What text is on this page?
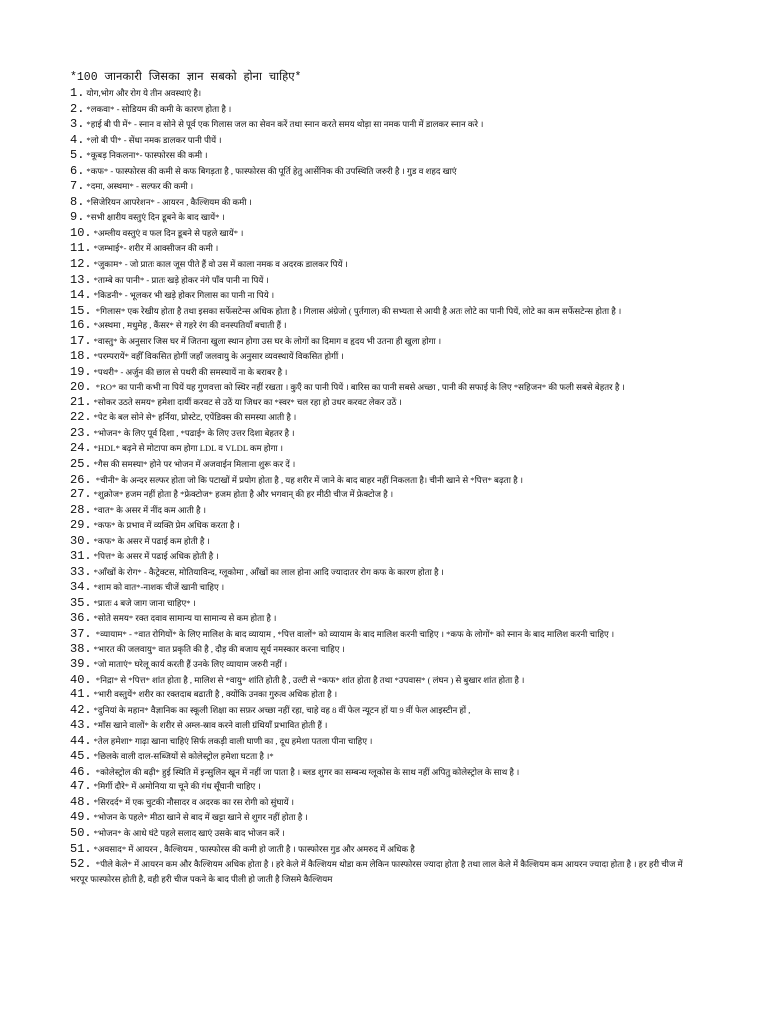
*100 जानकारी जिसका ज्ञान सबको होना चाहिए*
1. योग,भोग और रोग ये तीन अवस्थाएं है।
2. *लकवा* - सोडियम की कमी के कारण होता है ।
3. *हाई बी पी में* - स्नान व सोने से पूर्व एक गिलास जल का सेवन करें तथा स्नान करते समय थोड़ा सा नमक पानी में डालकर स्नान करे ।
4. *लो बी पी* - सेंधा नमक डालकर पानी पीयें ।
5. *कूबड़ निकलना*- फास्फोरस की कमी ।
6. *कफ* - फास्फोरस की कमी से कफ बिगड़ता है , फास्फोरस की पूर्ति हेतु आर्सेनिक की उपस्थिति जरुरी है । गुड व शहद खाएं
7. *दमा, अस्थमा* - सल्फर की कमी ।
8. *सिजेरियन आपरेशन* - आयरन , कैल्शियम की कमी ।
9. *सभी क्षारीय वस्तुएं दिन डूबने के बाद खायें* ।
10. *अम्लीय वस्तुएं व फल दिन डूबने से पहले खायें* ।
11. *जम्भाई*- शरीर में आक्सीजन की कमी ।
12. *जुकाम* - जो प्रातः काल जूस पीते हैं वो उस में काला नमक व अदरक डालकर पियें ।
13. *ताम्बे का पानी* - प्रातः खड़े होकर नंगे पाँव पानी ना पियें ।
14. *किडनी* - भूलकर भी खड़े होकर गिलास का पानी ना पिये ।
15. *गिलास* एक रेखीय होता है तथा इसका सर्फेसटेन्स अधिक होता है । गिलास अंग्रेजो ( पुर्तगाल) की सभ्यता से आयी है अतः लोटे का पानी पियें, लोटे का कम सर्फेसटेन्स होता है ।
16. *अस्थमा , मधुमेह , कैंसर* से गहरे रंग की वनस्पतियाँ बचाती हैं ।
17. *वास्तु* के अनुसार जिस घर में जितना खुला स्थान होगा उस घर के लोगों का दिमाग व हृदय भी उतना ही खुला होगा ।
18. *परम्परायें* वहीँ विकसित होगीं जहाँ जलवायु के अनुसार व्यवस्थायें विकसित होगीं ।
19. *पथरी* - अर्जुन की छाल से पथरी की समस्यायें ना के बराबर है ।
20. *RO* का पानी कभी ना पियें यह गुणवत्ता को स्थिर नहीं रखता । कुएँ का पानी पियें । बारिस का पानी सबसे अच्छा , पानी की सफाई के लिए *सहिजन* की फली सबसे बेहतर है ।
21. *सोकर उठते समय* हमेशा दायीं करवट से उठें या जिधर का *स्वर* चल रहा हो उधर करवट लेकर उठें ।
22. *पेट के बल सोने से* हर्निया, प्रोस्टेट, एपेंडिक्स की समस्या आती है ।
23. *भोजन* के लिए पूर्व दिशा , *पढाई* के लिए उत्तर दिशा बेहतर है ।
24. *HDL* बढ़ने से मोटापा कम होगा LDL व VLDL कम होगा ।
25. *गैस की समस्या* होने पर भोजन में अजवाईन मिलाना शुरू कर दें ।
26. *चीनी* के अन्दर सल्फर होता जो कि पटाखों में प्रयोग होता है , यह शरीर में जाने के बाद बाहर नहीं निकलता है। चीनी खाने से *पित्त* बढ़ता है ।
27. *शुक्रोज* हजम नहीं होता है *फ्रेक्टोज* हजम होता है और भगवान् की हर मीठी चीज में फ्रेक्टोज है ।
28. *वात* के असर में नींद कम आती है ।
29. *कफ* के प्रभाव में व्यक्ति प्रेम अधिक करता है ।
30. *कफ* के असर में पढाई कम होती है ।
31. *पित्त* के असर में पढाई अधिक होती है ।
33. *आँखों के रोग* - कैट्रेक्टस, मोतियाविन्द, ग्लूकोमा , आँखों का लाल होना आदि ज्यादातर रोग कफ के कारण होता है ।
34. *शाम को वात*-नाशक चीजें खानी चाहिए ।
35. *प्रातः 4 बजे जाग जाना चाहिए* ।
36. *सोते समय* रक्त दवाव सामान्य या सामान्य से कम होता है ।
37. *व्यायाम* - *वात रोगियों* के लिए मालिश के बाद व्यायाम , *पित्त वालों* को व्यायाम के बाद मालिश करनी चाहिए । *कफ के लोगों* को स्नान के बाद मालिश करनी चाहिए ।
38. *भारत की जलवायु* वात प्रकृति की है , दौड़ की बजाय सूर्य नमस्कार करना चाहिए ।
39. *जो माताएं* घरेलू कार्य करती हैं उनके लिए व्यायाम जरुरी नहीं ।
40. *निद्रा* से *पित्त* शांत होता है , मालिश से *वायु* शांति होती है , उल्टी से *कफ* शांत होता है तथा *उपवास* ( लंघन ) से बुखार शांत होता है ।
41. *भारी वस्तुयें* शरीर का रक्तदाब बढाती है , क्योंकि उनका गुरुत्व अधिक होता है ।
42. *दुनियां के महान* वैज्ञानिक का स्कूली शिक्षा का सफ़र अच्छा नहीं रहा, चाहे वह 8 वीं फेल न्यूटन हों या 9 वीं फेल आइस्टीन हों ,
43. *माँस खाने वालों* के शरीर से अम्ल-स्राव करने वाली ग्रंथियाँ प्रभावित होती हैं ।
44. *तेल हमेशा* गाढ़ा खाना चाहिएं सिर्फ लकड़ी वाली घाणी का , दूध हमेशा पतला पीना चाहिए ।
45. *छिलके वाली दाल-सब्जियों से कोलेस्ट्रोल हमेशा घटता है ।*
46. *कोलेस्ट्रोल की बढ़ी* हुई स्थिति में इन्सुलिन खून में नहीं जा पाता है । ब्लड शुगर का सम्बन्ध ग्लूकोस के साथ नहीं अपितु कोलेस्ट्रोल के साथ है ।
47. *मिर्गी दौरे* में अमोनिया या चूने की गंध सूँघानी चाहिए ।
48. *सिरदर्द* में एक चुटकी नौसादर व अदरक का रस रोगी को सुंघायें ।
49. *भोजन के पहले* मीठा खाने से बाद में खट्टा खाने से शुगर नहीं होता है ।
50. *भोजन* के आधे घंटे पहले सलाद खाएं उसके बाद भोजन करें ।
51. *अवसाद* में आयरन , कैल्शियम , फास्फोरस की कमी हो जाती है । फास्फोरस गुड और अमरुद में अधिक है
52. *पीले केले* में आयरन कम और कैल्शियम अधिक होता है । हरे केले में कैल्शियम थोडा कम लेकिन फास्फोरस ज्यादा होता है तथा लाल केले में कैल्शियम कम आयरन ज्यादा होता है । हर हरी चीज में भरपूर फास्फोरस होती है, वही हरी चीज पकने के बाद पीली हो जाती है जिसमे कैल्शियम
